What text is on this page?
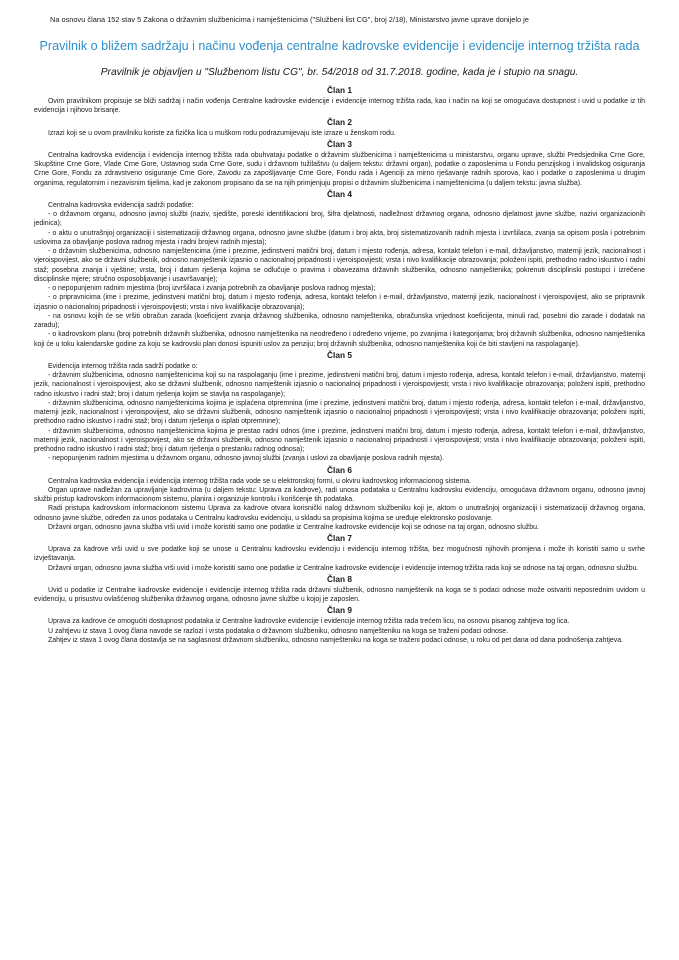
Na osnovu člana 152 stav 5 Zakona o državnim službenicima i namještenicima ("Službeni list CG", broj 2/18), Ministarstvo javne uprave donijelo je

Pravilnik o bližem sadržaju i načinu vođenja centralne kadrovske evidencije i evidencije internog tržišta rada

Pravilnik je objavljen u "Službenom listu CG", br. 54/2018 od 31.7.2018. godine, kada je i stupio na snagu.

Član 1

Ovim pravilnikom propisuje se bliži sadržaj i način vođenja Centralne kadrovske evidencije i evidencije internog tržišta rada, kao i način na koji se omogućava dostupnost i uvid u podatke iz tih evidencija i njihovo brisanje.

Član 2

Izrazi koji se u ovom pravilniku koriste za fizička lica u muškom rodu podrazumijevaju iste izraze u ženskom rodu.

Član 3

Centralna kadrovska evidencija i evidencija internog tržišta rada obuhvataju podatke o državnim službenicima i namještenicima u ministarstvu, organu uprave, službi Predsjednika Crne Gore, Skupštine Crne Gore, Vlade Crne Gore, Ustavnog suda Crne Gore, sudu i državnom tužilaštvu (u daljem tekstu: državni organ), podatke o zaposlenima u Fondu penzijskog i invalidskog osiguranja Crne Gore, Fondu za zdravstveno osiguranje Crne Gore, Zavodu za zapošljavanje Crne Gore, Fondu rada i Agenciji za mirno rješavanje radnih sporova, kao i podatke o zaposlenima u drugim organima, regulatornim i nezavisnim tijelima, kad je zakonom propisano da se na njih primjenjuju propisi o državnim službenicima i namještenicima (u daljem tekstu: javna služba).

Član 4

Centralna kadrovska evidencija sadrži podatke:

- o državnom organu, odnosno javnoj službi (naziv, sjedište, poreski identifikacioni broj, šifra djelatnosti, nadležnost državnog organa, odnosno djelatnost javne službe, nazivi organizacionih jedinica);

- o aktu o unutrašnjoj organizaciji i sistematizaciji državnog organa, odnosno javne službe (datum i broj akta, broj sistematizovanih radnih mjesta i izvršilaca, zvanja sa opisom posla i potrebnim uslovima za obavljanje poslova radnog mjesta i radni brojevi radnih mjesta);

- o državnim službenicima, odnosno namještenicima (ime i prezime, jedinstveni matični broj, datum i mjesto rođenja, adresa, kontakt telefon i e-mail, državljanstvo, maternji jezik, nacionalnost i vjeroispovijest, ako se državni službenik, odnosno namještenik izjasnio o nacionalnoj pripadnosti i vjeroispovijesti; vrsta i nivo kvalifikacije obrazovanja; položeni ispiti, prethodno radno iskustvo i radni staž; posebna znanja i vještine; vrsta, broj i datum rješenja kojima se odlučuje o pravima i obavezama državnih službenika, odnosno namještenika; pokrenuti disciplinski postupci i izrečene disciplinske mjere; stručno osposobljavanje i usavršavanje);

- o nepopunjenim radnim mjestima (broj izvršilaca i zvanja potrebnih za obavljanje poslova radnog mjesta);

- o pripravnicima (ime i prezime, jedinstveni matični broj, datum i mjesto rođenja, adresa, kontakt telefon i e-mail, državljanstvo, maternji jezik, nacionalnost i vjeroispovijest, ako se pripravnik izjasnio o nacionalnoj pripadnosti i vjeroispovijesti; vrsta i nivo kvalifikacije obrazovanja);

- na osnovu kojih će se vršiti obračun zarada (koeficijent zvanja državnog službenika, odnosno namještenika, obračunska vrijednost koeficijenta, minuli rad, posebni dio zarade i dodatak na zaradu);

- o kadrovskom planu (broj potrebnih državnih službenika, odnosno namještenika na neodređeno i određeno vrijeme, po zvanjima i kategorijama; broj državnih službenika, odnosno namještenika koji će u toku kalendarske godine za koju se kadrovski plan donosi ispuniti uslov za penziju; broj državnih službenika, odnosno namještenika koji će biti stavljeni na raspolaganje).

Član 5

Evidencija internog tržišta rada sadrži podatke o:

- državnim službenicima, odnosno namještenicima koji su na raspolaganju (ime i prezime, jedinstveni matični broj, datum i mjesto rođenja, adresa, kontakt telefon i e-mail, državljanstvo, maternji jezik, nacionalnost i vjeroispovijest, ako se državni službenik, odnosno namještenik izjasnio o nacionalnoj pripadnosti i vjeroispovijesti; vrsta i nivo kvalifikacije obrazovanja; položeni ispiti, prethodno radno iskustvo i radni staž; broj i datum rješenja kojim se stavlja na raspolaganje);

- državnim službenicima, odnosno namještenicima kojima je isplaćena otpremnina (ime i prezime, jedinstveni matični broj, datum i mjesto rođenja, adresa, kontakt telefon i e-mail, državljanstvo, maternji jezik, nacionalnost i vjeroispovijest, ako se državni službenik, odnosno namještenik izjasnio o nacionalnoj pripadnosti i vjeroispovijesti; vrsta i nivo kvalifikacije obrazovanja; položeni ispiti, prethodno radno iskustvo i radni staž; broj i datum rješenja o isplati otpremnine);

- državnim službenicima, odnosno namještenicima kojima je prestao radni odnos (ime i prezime, jedinstveni matični broj, datum i mjesto rođenja, adresa, kontakt telefon i e-mail, državljanstvo, maternji jezik, nacionalnost i vjeroispovijest, ako se državni službenik, odnosno namještenik izjasnio o nacionalnoj pripadnosti i vjeroispovijesti; vrsta i nivo kvalifikacije obrazovanja; položeni ispiti, prethodno radno iskustvo i radni staž; broj i datum rješenja o prestanku radnog odnosa);

- nepopunjenim radnim mjestima u državnom organu, odnosno javnoj službi (zvanja i uslovi za obavljanje poslova radnih mjesta).

Član 6

Centralna kadrovska evidencija i evidencija internog tržišta rada vode se u elektronskoj formi, u okviru kadrovskog informacionog sistema.

Organ uprave nadležan za upravljanje kadrovima (u daljem tekstu: Uprava za kadrove), radi unosa podataka u Centralnu kadrovsku evidenciju, omogućava državnom organu, odnosno javnoj službi pristup kadrovskom informacionom sistemu, planira i organizuje kontrolu i korišćenje tih podataka.

Radi pristupa kadrovskom informacionom sistemu Uprava za kadrove otvara korisnički nalog državnom službeniku koji je, aktom o unutrašnjoj organizaciji i sistematizaciji državnog organa, odnosno javne službe, određen za unos podataka u Centralnu kadrovsku evidenciju, u skladu sa propisima kojima se uređuje elektronsko poslovanje.

Državni organ, odnosno javna služba vrši uvid i može koristiti samo one podatke iz Centralne kadrovske evidencije koji se odnose na taj organ, odnosno službu.

Član 7

Uprava za kadrove vrši uvid u sve podatke koji se unose u Centralnu kadrovsku evidenciju i evidenciju internog tržišta, bez mogućnosti njihovih promjena i može ih koristiti samo u svrhe izvještavanja.

Državni organ, odnosno javna služba vrši uvid i može koristiti samo one podatke iz Centralne kadrovske evidencije i evidencije internog tržišta rada koji se odnose na taj organ, odnosno službu.

Član 8

Uvid u podatke iz Centralne kadrovske evidencije i evidencije internog tržišta rada državni službenik, odnosno namještenik na koga se ti podaci odnose može ostvariti neposrednim uvidom u evidenciju, u prisustvu ovlašćenog službenika državnog organa, odnosno javne službe u kojoj je zaposlen.

Član 9

Uprava za kadrove će omogućiti dostupnost podataka iz Centralne kadrovske evidencije i evidencije internog tržišta rada trećem licu, na osnovu pisanog zahtjeva tog lica.

U zahtjevu iz stava 1 ovog člana navode se razlozi i vrsta podataka o državnom službeniku, odnosno namješteniku na koga se traženi podaci odnose.

Zahtjev iz stava 1 ovog člana dostavlja se na saglasnost državnom službeniku, odnosno namješteniku na koga se traženi podaci odnose, u roku od pet dana od dana podnošenja zahtjeva.
